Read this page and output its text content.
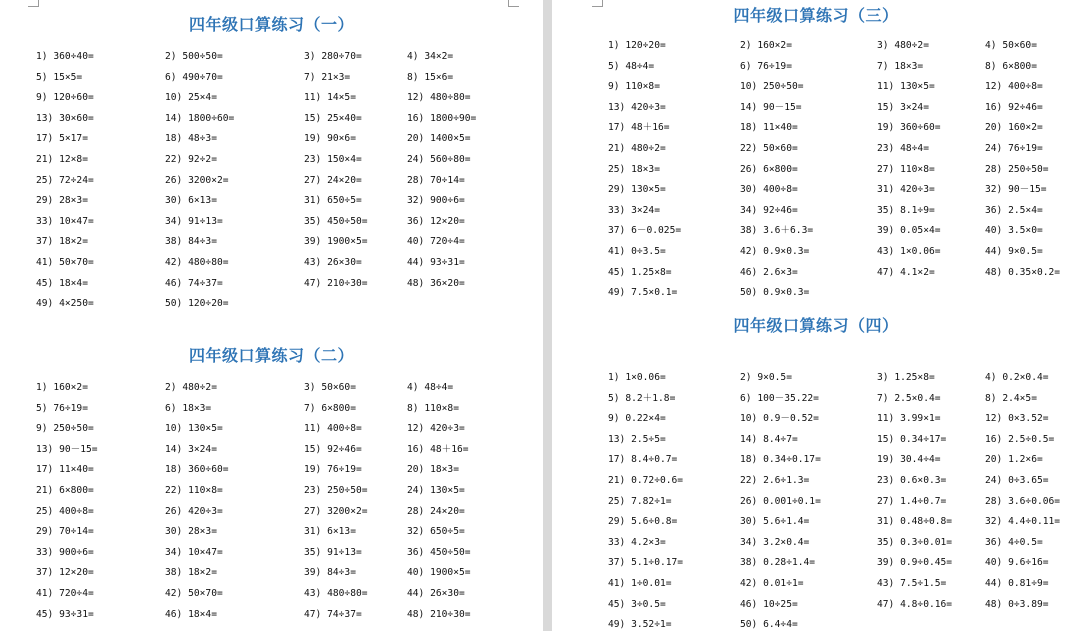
四年级口算练习（一）
1) 360÷40=	2) 500÷50=	3) 280÷70=	4) 34×2=
5) 15×5=	6) 490÷70=	7) 21×3=	8) 15×6=
9) 120÷60=	10) 25×4=	11) 14×5=	12) 480÷80=
13) 30×60=	14) 1800÷60=	15) 25×40=	16) 1800÷90=
17) 5×17=	18) 48÷3=	19) 90×6=	20) 1400×5=
21) 12×8=	22) 92÷2=	23) 150×4=	24) 560÷80=
25) 72÷24=	26) 3200×2=	27) 24×20=	28) 70÷14=
29) 28×3=	30) 6×13=	31) 650÷5=	32) 900÷6=
33) 10×47=	34) 91÷13=	35) 450÷50=	36) 12×20=
37) 18×2=	38) 84÷3=	39) 1900×5=	40) 720÷4=
41) 50×70=	42) 480÷80=	43) 26×30=	44) 93÷31=
45) 18×4=	46) 74÷37=	47) 210÷30=	48) 36×20=
49) 4×250=	50) 120÷20=
四年级口算练习（二）
1) 160×2=	2) 480÷2=	3) 50×60=	4) 48÷4=
5) 76÷19=	6) 18×3=	7) 6×800=	8) 110×8=
9) 250÷50=	10) 130×5=	11) 400÷8=	12) 420÷3=
13) 90－15=	14) 3×24=	15) 92÷46=	16) 48＋16=
17) 11×40=	18) 360÷60=	19) 76÷19=	20) 18×3=
21) 6×800=	22) 110×8=	23) 250÷50=	24) 130×5=
25) 400÷8=	26) 420÷3=	27) 3200×2=	28) 24×20=
29) 70÷14=	30) 28×3=	31) 6×13=	32) 650÷5=
33) 900÷6=	34) 10×47=	35) 91÷13=	36) 450÷50=
37) 12×20=	38) 18×2=	39) 84÷3=	40) 1900×5=
41) 720÷4=	42) 50×70=	43) 480÷80=	44) 26×30=
45) 93÷31=	46) 18×4=	47) 74÷37=	48) 210÷30=
四年级口算练习（三）
1) 120÷20=	2) 160×2=	3) 480÷2=	4) 50×60=
5) 48÷4=	6) 76÷19=	7) 18×3=	8) 6×800=
9) 110×8=	10) 250÷50=	11) 130×5=	12) 400÷8=
13) 420÷3=	14) 90－15=	15) 3×24=	16) 92÷46=
17) 48＋16=	18) 11×40=	19) 360÷60=	20) 160×2=
21) 480÷2=	22) 50×60=	23) 48÷4=	24) 76÷19=
25) 18×3=	26) 6×800=	27) 110×8=	28) 250÷50=
29) 130×5=	30) 400÷8=	31) 420÷3=	32) 90－15=
33) 3×24=	34) 92÷46=	35) 8.1÷9=	36) 2.5×4=
37) 6－0.025=	38) 3.6＋6.3=	39) 0.05×4=	40) 3.5×0=
41) 0÷3.5=	42) 0.9×0.3=	43) 1×0.06=	44) 9×0.5=
45) 1.25×8=	46) 2.6×3=	47) 4.1×2=	48) 0.35×0.2=
49) 7.5×0.1=	50) 0.9×0.3=
四年级口算练习（四）
1) 1×0.06=	2) 9×0.5=	3) 1.25×8=	4) 0.2×0.4=
5) 8.2＋1.8=	6) 100－35.22=	7) 2.5×0.4=	8) 2.4×5=
9) 0.22×4=	10) 0.9－0.52=	11) 3.99×1=	12) 0×3.52=
13) 2.5÷5=	14) 8.4÷7=	15) 0.34÷17=	16) 2.5÷0.5=
17) 8.4÷0.7=	18) 0.34÷0.17=	19) 30.4÷4=	20) 1.2×6=
21) 0.72÷0.6=	22) 2.6÷1.3=	23) 0.6×0.3=	24) 0÷3.65=
25) 7.82÷1=	26) 0.001÷0.1=	27) 1.4÷0.7=	28) 3.6÷0.06=
29) 5.6÷0.8=	30) 5.6÷1.4=	31) 0.48÷0.8=	32) 4.4÷0.11=
33) 4.2×3=	34) 3.2×0.4=	35) 0.3÷0.01=	36) 4÷0.5=
37) 5.1÷0.17=	38) 0.28÷1.4=	39) 0.9÷0.45=	40) 9.6÷16=
41) 1÷0.01=	42) 0.01÷1=	43) 7.5÷1.5=	44) 0.81÷9=
45) 3÷0.5=	46) 10÷25=	47) 4.8÷0.16=	48) 0÷3.89=
49) 3.52÷1=	50) 6.4÷4=
